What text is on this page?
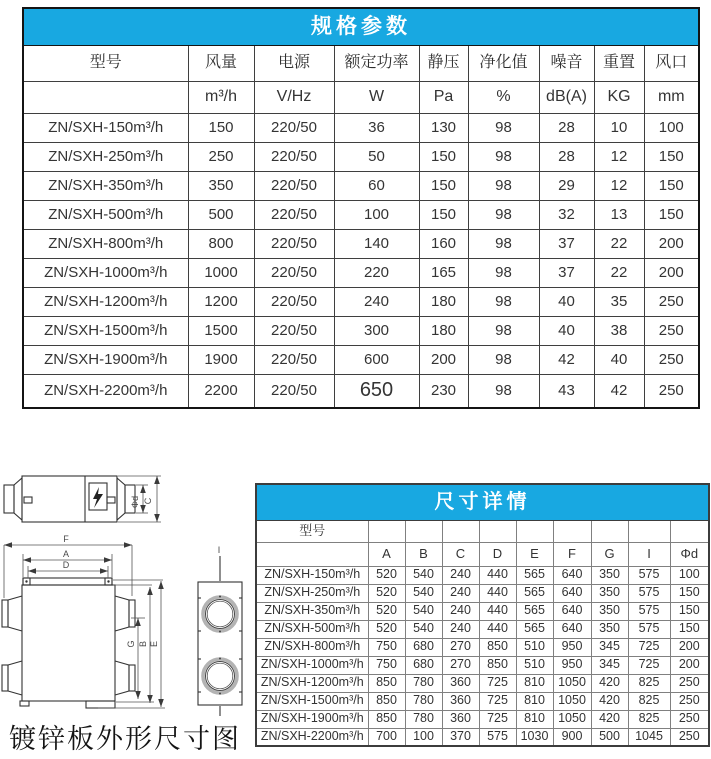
规格参数								
型号	风量	电源	额定功率	静压	净化值	噪音	重置	风口
	m³/h	V/Hz	W	Pa	%	dB(A)	KG	mm
ZN/SXH-150m³/h	150	220/50	36	130	98	28	10	100
ZN/SXH-250m³/h	250	220/50	50	150	98	28	12	150
ZN/SXH-350m³/h	350	220/50	60	150	98	29	12	150
ZN/SXH-500m³/h	500	220/50	100	150	98	32	13	150
ZN/SXH-800m³/h	800	220/50	140	160	98	37	22	200
ZN/SXH-1000m³/h	1000	220/50	220	165	98	37	22	200
ZN/SXH-1200m³/h	1200	220/50	240	180	98	40	35	250
ZN/SXH-1500m³/h	1500	220/50	300	180	98	40	38	250
ZN/SXH-1900m³/h	1900	220/50	600	200	98	42	40	250
ZN/SXH-2200m³/h	2200	220/50	650	230	98	43	42	250
Φd C
F
A
D
G B E
I
镀锌板外形尺寸图
尺寸详情									
型号									
	A	B	C	D	E	F	G	I	Φd
ZN/SXH-150m³/h	520	540	240	440	565	640	350	575	100
ZN/SXH-250m³/h	520	540	240	440	565	640	350	575	150
ZN/SXH-350m³/h	520	540	240	440	565	640	350	575	150
ZN/SXH-500m³/h	520	540	240	440	565	640	350	575	150
ZN/SXH-800m³/h	750	680	270	850	510	950	345	725	200
ZN/SXH-1000m³/h	750	680	270	850	510	950	345	725	200
ZN/SXH-1200m³/h	850	780	360	725	810	1050	420	825	250
ZN/SXH-1500m³/h	850	780	360	725	810	1050	420	825	250
ZN/SXH-1900m³/h	850	780	360	725	810	1050	420	825	250
ZN/SXH-2200m³/h	700	100	370	575	1030	900	500	1045	250
